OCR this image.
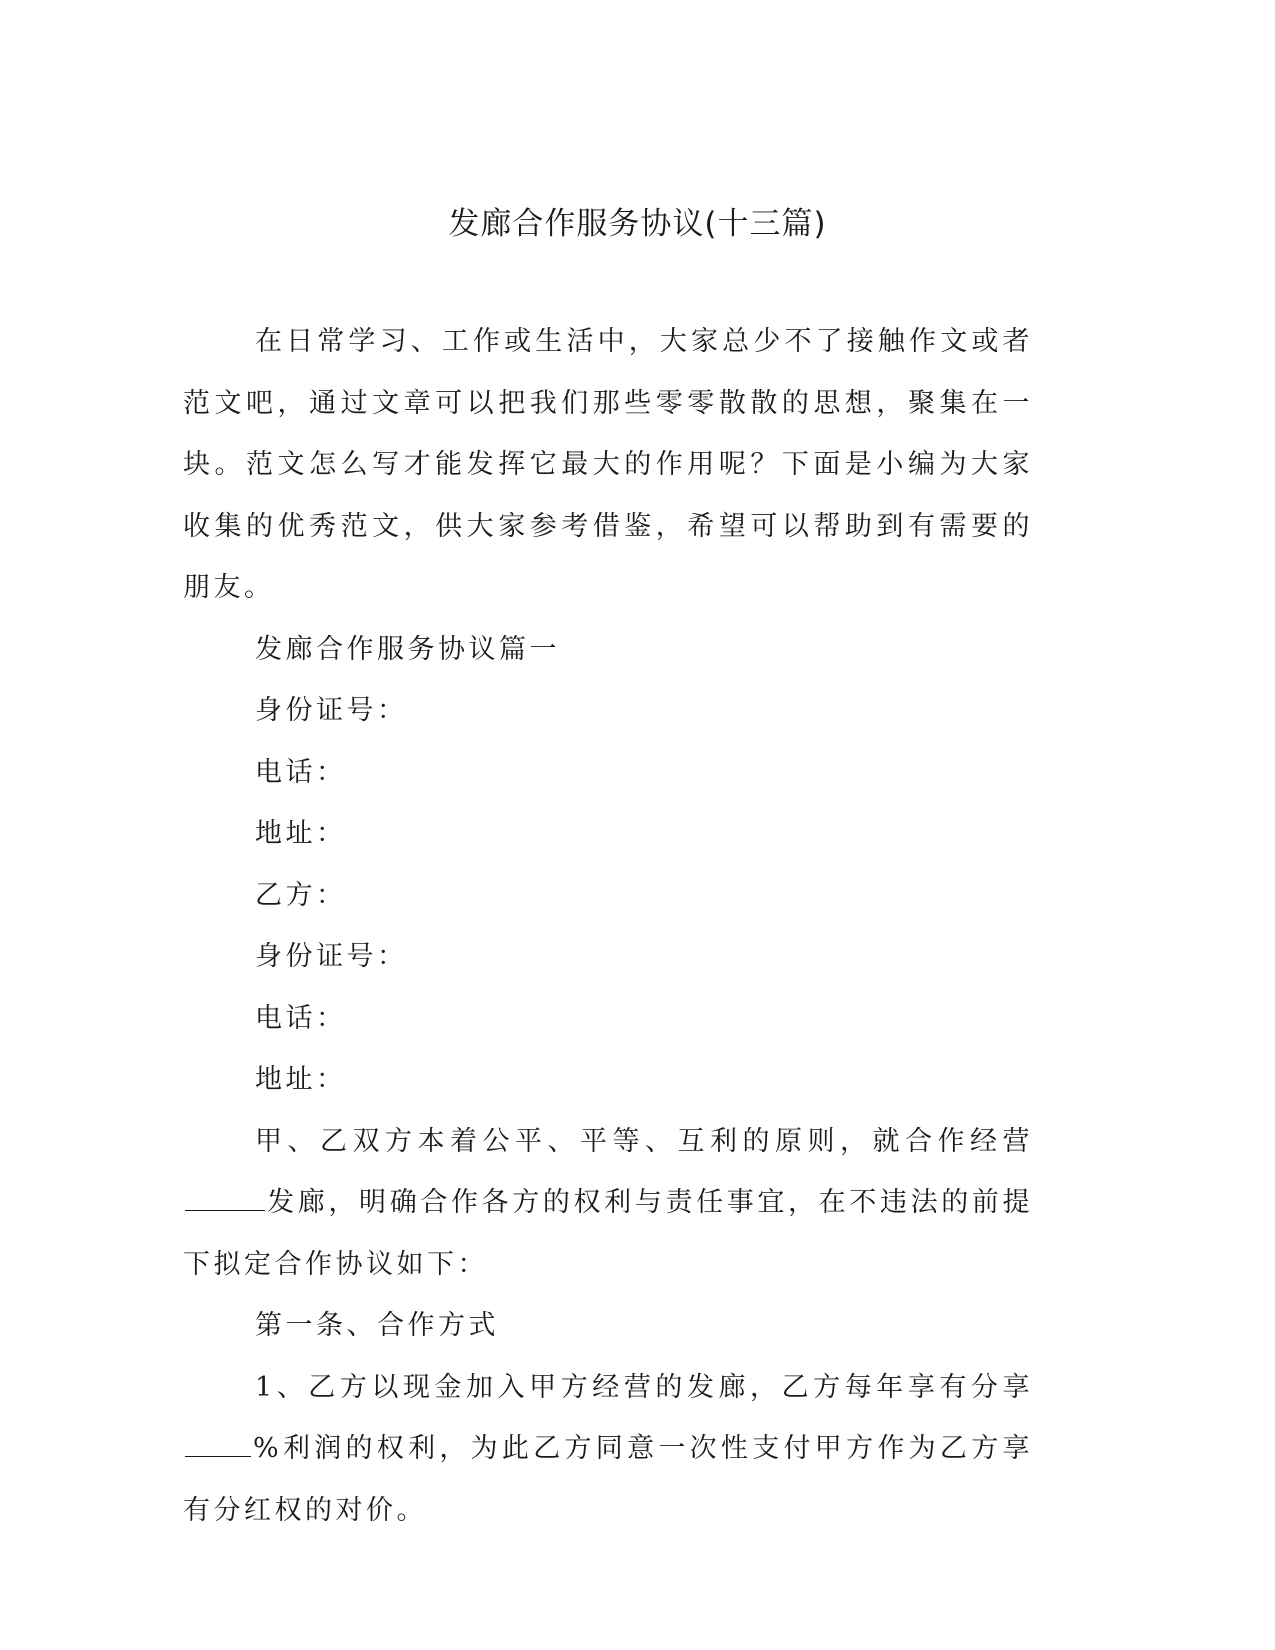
发廊合作服务协议(十三篇)

在日常学习、工作或生活中，大家总少不了接触作文或者范文吧，通过文章可以把我们那些零零散散的思想，聚集在一块。范文怎么写才能发挥它最大的作用呢？下面是小编为大家收集的优秀范文，供大家参考借鉴，希望可以帮助到有需要的朋友。

发廊合作服务协议篇一

身份证号：

电话：

地址：

乙方：

身份证号：

电话：

地址：

甲、乙双方本着公平、平等、互利的原则，就合作经营发廊，明确合作各方的权利与责任事宜，在不违法的前提下拟定合作协议如下：

第一条、合作方式

1、乙方以现金加入甲方经营的发廊，乙方每年享有分享%利润的权利，为此乙方同意一次性支付甲方作为乙方享有分红权的对价。
